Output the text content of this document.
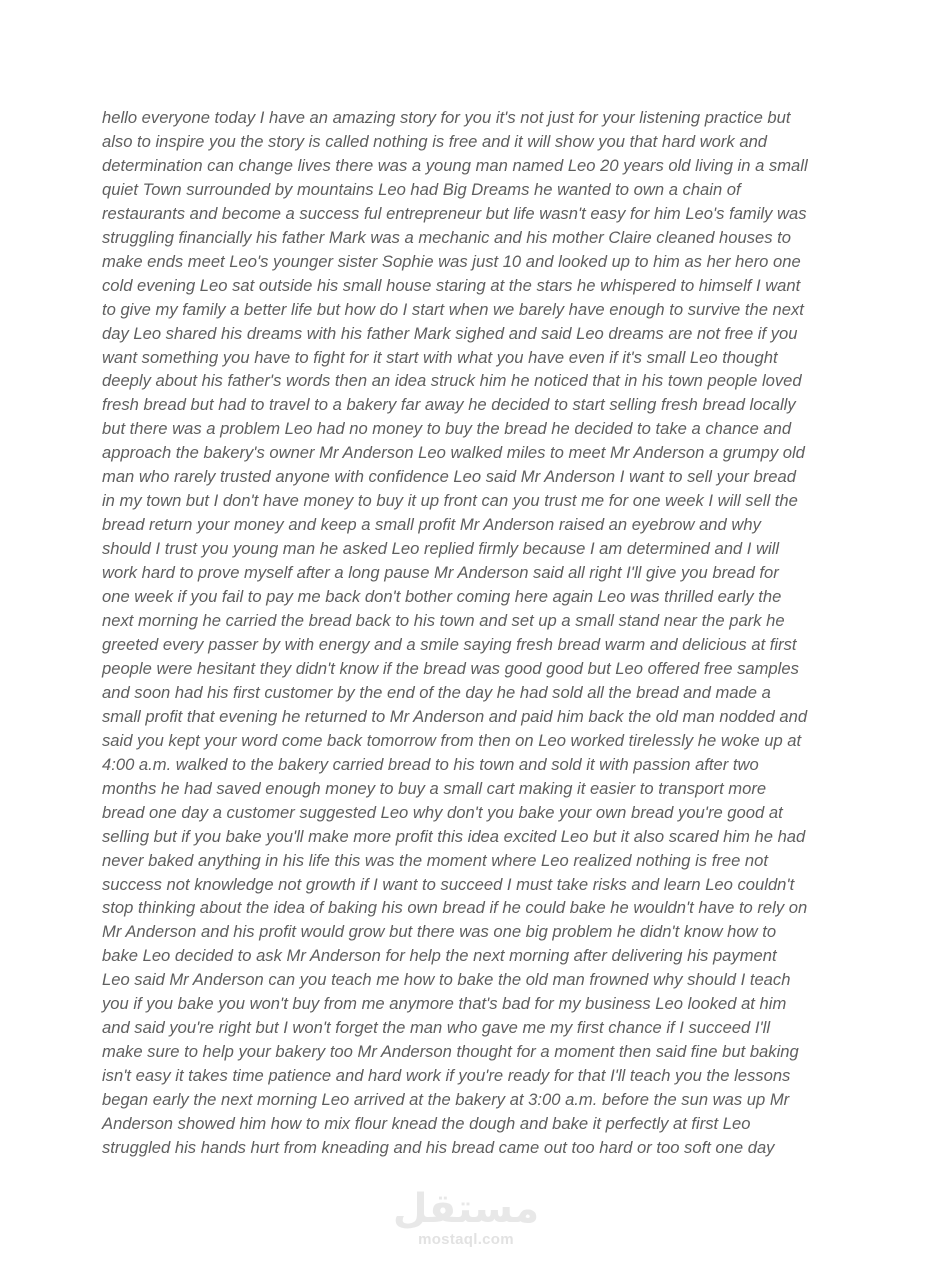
hello everyone today I have an amazing story for you it's not just for your listening practice but
also to inspire you the story is called nothing is free and it will show you that hard work and
determination can change lives there was a young man named Leo 20 years old living in a small
quiet Town surrounded by mountains Leo had Big Dreams he wanted to own a chain of
restaurants and become a success ful entrepreneur but life wasn't easy for him Leo's family was
struggling financially his father Mark was a mechanic and his mother Claire cleaned houses to
make ends meet Leo's younger sister Sophie was just 10 and looked up to him as her hero one
cold evening Leo sat outside his small house staring at the stars he whispered to himself I want
to give my family a better life but how do I start when we barely have enough to survive the next
day Leo shared his dreams with his father Mark sighed and said Leo dreams are not free if you
want something you have to fight for it start with what you have even if it's small Leo thought
deeply about his father's words then an idea struck him he noticed that in his town people loved
fresh bread but had to travel to a bakery far away he decided to start selling fresh bread locally
but there was a problem Leo had no money to buy the bread he decided to take a chance and
approach the bakery's owner Mr Anderson Leo walked miles to meet Mr Anderson a grumpy old
man who rarely trusted anyone with confidence Leo said Mr Anderson I want to sell your bread
in my town but I don't have money to buy it up front can you trust me for one week I will sell the
bread return your money and keep a small profit Mr Anderson raised an eyebrow and why
should I trust you young man he asked Leo replied firmly because I am determined and I will
work hard to prove myself after a long pause Mr Anderson said all right I'll give you bread for
one week if you fail to pay me back don't bother coming here again Leo was thrilled early the
next morning he carried the bread back to his town and set up a small stand near the park he
greeted every passer by with energy and a smile saying fresh bread warm and delicious at first
people were hesitant they didn't know if the bread was good good but Leo offered free samples
and soon had his first customer by the end of the day he had sold all the bread and made a
small profit that evening he returned to Mr Anderson and paid him back the old man nodded and
said you kept your word come back tomorrow from then on Leo worked tirelessly he woke up at
4:00 a.m. walked to the bakery carried bread to his town and sold it with passion after two
months he had saved enough money to buy a small cart making it easier to transport more
bread one day a customer suggested Leo why don't you bake your own bread you're good at
selling but if you bake you'll make more profit this idea excited Leo but it also scared him he had
never baked anything in his life this was the moment where Leo realized nothing is free not
success not knowledge not growth if I want to succeed I must take risks and learn Leo couldn't
stop thinking about the idea of baking his own bread if he could bake he wouldn't have to rely on
Mr Anderson and his profit would grow but there was one big problem he didn't know how to
bake Leo decided to ask Mr Anderson for help the next morning after delivering his payment
Leo said Mr Anderson can you teach me how to bake the old man frowned why should I teach
you if you bake you won't buy from me anymore that's bad for my business Leo looked at him
and said you're right but I won't forget the man who gave me my first chance if I succeed I'll
make sure to help your bakery too Mr Anderson thought for a moment then said fine but baking
isn't easy it takes time patience and hard work if you're ready for that I'll teach you the lessons
began early the next morning Leo arrived at the bakery at 3:00 a.m. before the sun was up Mr
Anderson showed him how to mix flour knead the dough and bake it perfectly at first Leo
struggled his hands hurt from kneading and his bread came out too hard or too soft one day

مستقل
mostaql.com
